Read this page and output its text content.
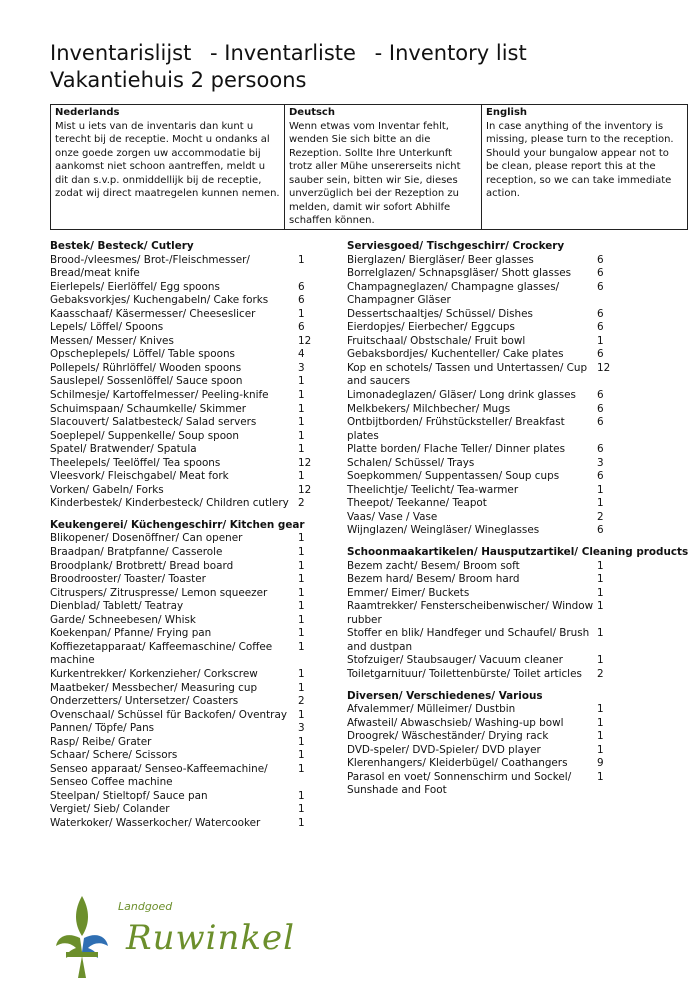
Inventarislijst - Inventarliste - Inventory list
Vakantiehuis 2 persoons
Nederlands
Mist u iets van de inventaris dan kunt u terecht bij de receptie. Mocht u ondanks al onze goede zorgen uw accommodatie bij aankomst niet schoon aantreffen, meldt u dit dan s.v.p. onmiddellijk bij de receptie, zodat wij direct maatregelen kunnen nemen.	
Deutsch
Wenn etwas vom Inventar fehlt, wenden Sie sich bitte an die Rezeption. Sollte Ihre Unterkunft trotz aller Mühe unsererseits nicht sauber sein, bitten wir Sie, dieses unverzüglich bei der Rezeption zu melden, damit wir sofort Abhilfe schaffen können.	
English
In case anything of the inventory is missing, please turn to the reception. Should your bungalow appear not to be clean, please report this at the reception, so we can take immediate action.
Bestek/ Besteck/ Cutlery
Brood-/vleesmes/ Brot-/Fleischmesser/ Bread/meat knife
1
Eierlepels/ Eierlöffel/ Egg spoons	6
Gebaksvorkjes/ Kuchengabeln/ Cake forks	6
Kaasschaaf/ Käsermesser/ Cheeseslicer	1
Lepels/ Löffel/ Spoons	6
Messen/ Messer/ Knives	12
Opscheplepels/ Löffel/ Table spoons	4
Pollepels/ Rührlöffel/ Wooden spoons	3
Sauslepel/ Sossenlöffel/ Sauce spoon	1
Schilmesje/ Kartoffelmesser/ Peeling-knife	1
Schuimspaan/ Schaumkelle/ Skimmer	1
Slacouvert/ Salatbesteck/ Salad servers	1
Soeplepel/ Suppenkelle/ Soup spoon	1
Spatel/ Bratwender/ Spatula	1
Theelepels/ Teelöffel/ Tea spoons	12
Vleesvork/ Fleischgabel/ Meat fork	1
Vorken/ Gabeln/ Forks	12
Kinderbestek/ Kinderbesteck/ Children cutlery 2
Keukengerei/ Küchengeschirr/ Kitchen gear
Blikopener/ Dosenöffner/ Can opener	1
Braadpan/ Bratpfanne/ Casserole	1
Broodplank/ Brotbrett/ Bread board	1
Broodrooster/ Toaster/ Toaster	1
Citruspers/ Zitruspresse/ Lemon squeezer	1
Dienblad/ Tablett/ Teatray	1
Garde/ Schneebesen/ Whisk	1
Koekenpan/ Pfanne/ Frying pan	1
Koffiezetapparaat/ Kaffeemaschine/ Coffee machine
1
Kurkentrekker/ Korkenzieher/ Corkscrew	1
Maatbeker/ Messbecher/ Measuring cup	1
Onderzetters/ Untersetzer/ Coasters	2
Ovenschaal/ Schüssel für Backofen/ Oventray	1
Pannen/ Töpfe/ Pans	3
Rasp/ Reibe/ Grater	1
Schaar/ Schere/ Scissors	1
Senseo apparaat/ Senseo-Kaffeemachine/ Senseo Coffee machine
1
Steelpan/ Stieltopf/ Sauce pan	1
Vergiet/ Sieb/ Colander	1
Waterkoker/ Wasserkocher/ Watercooker	1
Serviesgoed/ Tischgeschirr/ Crockery
Bierglazen/ Biergläser/ Beer glasses	6
Borrelglazen/ Schnapsgläser/ Shott glasses	6
Champagneglazen/ Champagne glasses/ Champagner Gläser
6
Dessertschaaltjes/ Schüssel/ Dishes	6
Eierdopjes/ Eierbecher/ Eggcups	6
Fruitschaal/ Obstschale/ Fruit bowl	1
Gebaksbordjes/ Kuchenteller/ Cake plates	6
Kop en schotels/ Tassen und Untertassen/ Cup and saucers
12
Limonadeglazen/ Gläser/ Long drink glasses	6
Melkbekers/ Milchbecher/ Mugs	6
Ontbijtborden/ Frühstücksteller/ Breakfast plates
6
Platte borden/ Flache Teller/ Dinner plates	6
Schalen/ Schüssel/ Trays	3
Soepkommen/ Suppentassen/ Soup cups	6
Theelichtje/ Teelicht/ Tea-warmer	1
Theepot/ Teekanne/ Teapot	1
Vaas/ Vase / Vase	2
Wijnglazen/ Weingläser/ Wineglasses	6
Schoonmaakartikelen/ Hausputzartikel/ Cleaning products
Bezem zacht/ Besem/ Broom soft	1
Bezem hard/ Besem/ Broom hard	1
Emmer/ Eimer/ Buckets	1
Raamtrekker/ Fensterscheibenwischer/ Window rubber
1
Stoffer en blik/ Handfeger und Schaufel/ Brush and dustpan
1
Stofzuiger/ Staubsauger/ Vacuum cleaner	1
Toiletgarnituur/ Toilettenbürste/ Toilet articles	2
Diversen/ Verschiedenes/ Various
Afvalemmer/ Mülleimer/ Dustbin	1
Afwasteil/ Abwaschsieb/ Washing-up bowl	1
Droogrek/ Wäscheständer/ Drying rack	1
DVD-speler/ DVD-Spieler/ DVD player	1
Klerenhangers/ Kleiderbügel/ Coathangers	9
Parasol en voet/ Sonnenschirm und Sockel/ Sunshade and Foot
1
Landgoed
Ruwinkel
